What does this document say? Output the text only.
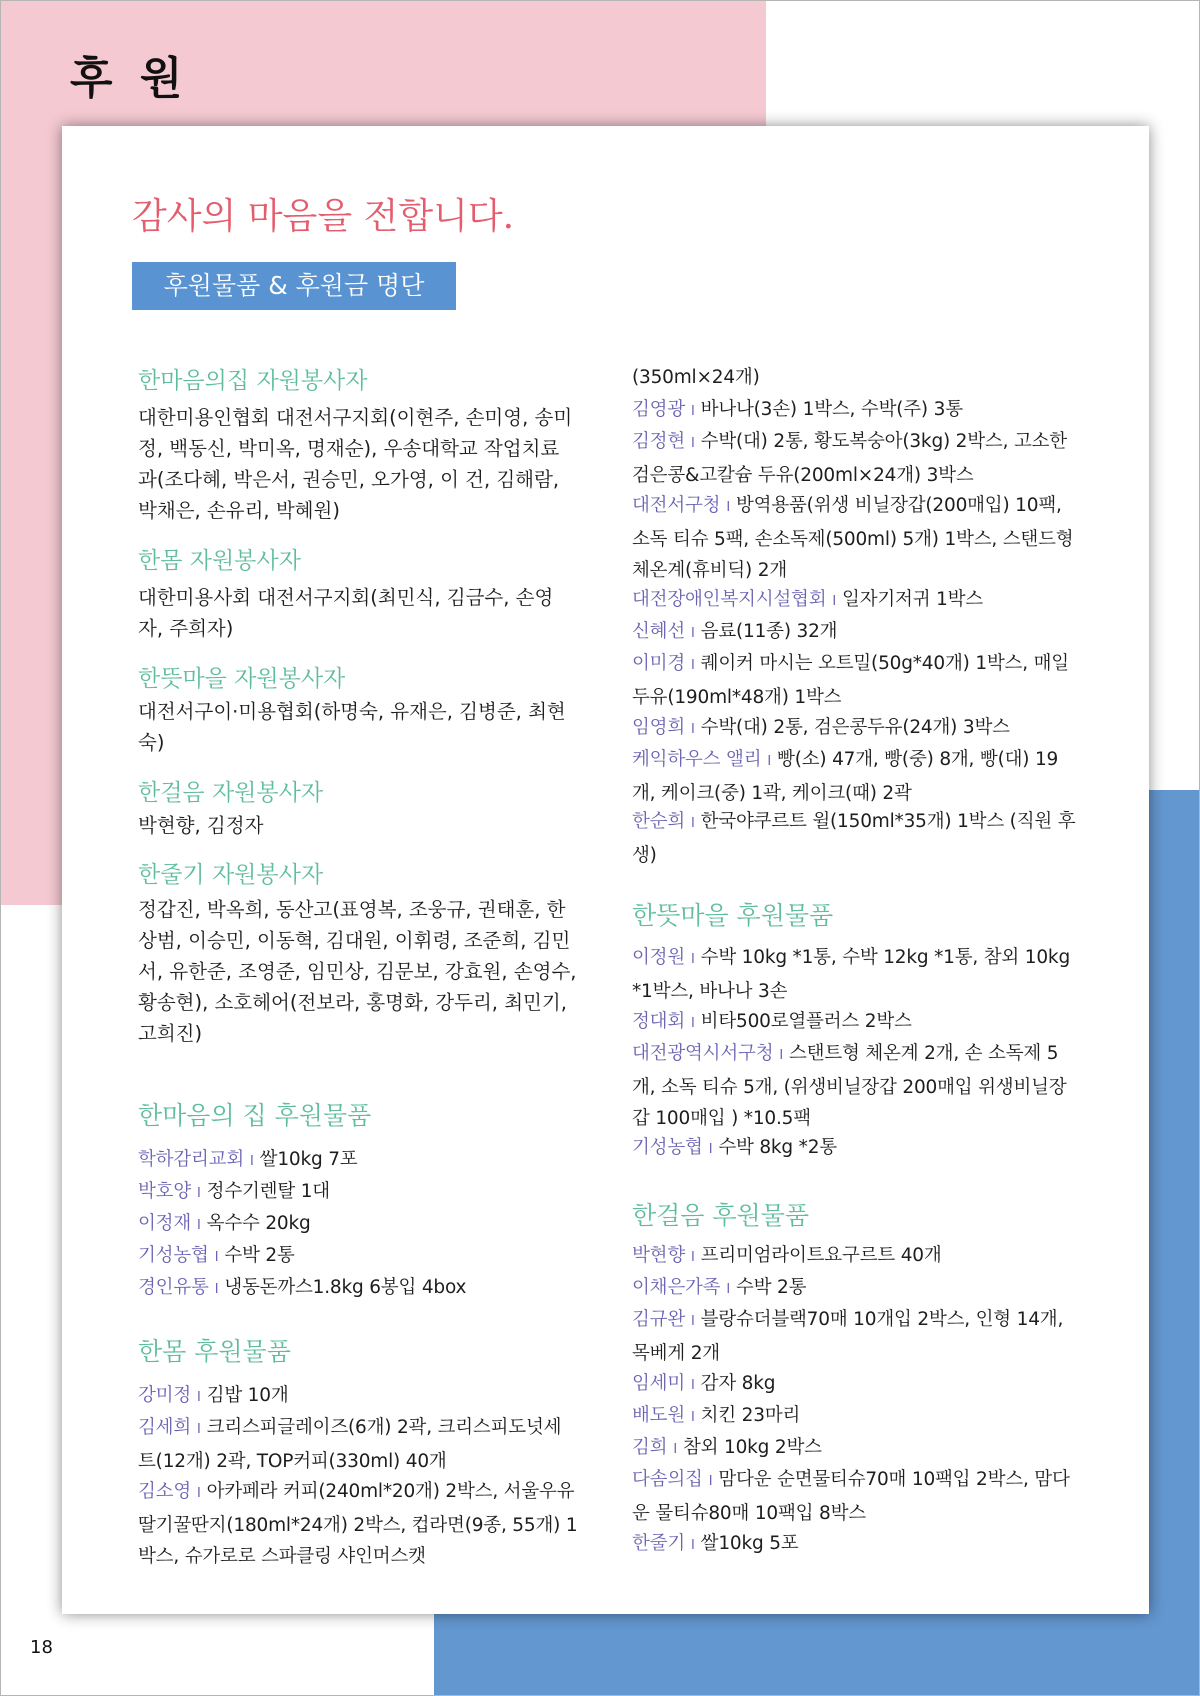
후 원
감사의 마음을 전합니다.
후원물품 & 후원금 명단
한마음의집 자원봉사자

대한미용인협회 대전서구지회(이현주, 손미영, 송미정, 백동신, 박미옥, 명재순), 우송대학교 작업치료과(조다혜, 박은서, 권승민, 오가영, 이 건, 김해람, 박채은, 손유리, 박혜원)

한몸 자원봉사자

대한미용사회 대전서구지회(최민식, 김금수, 손영자, 주희자)

한뜻마을 자원봉사자

대전서구이·미용협회(하명숙, 유재은, 김병준, 최현숙)

한걸음 자원봉사자

박현향, 김정자

한줄기 자원봉사자

정갑진, 박옥희, 동산고(표영복, 조웅규, 권태훈, 한상범, 이승민, 이동혁, 김대원, 이휘령, 조준희, 김민서, 유한준, 조영준, 임민상, 김문보, 강효원, 손영수, 황송현), 소호헤어(전보라, 홍명화, 강두리, 최민기, 고희진)

한마음의 집 후원물품

학하감리교회 I 쌀10kg 7포

박호양 I 정수기렌탈 1대

이정재 I 옥수수 20kg

기성농협 I 수박 2통

경인유통 I 냉동돈까스1.8kg 6봉입 4box

한몸 후원물품

강미정 I 김밥 10개

김세희 I 크리스피글레이즈(6개) 2곽, 크리스피도넛세트(12개) 2곽, TOP커피(330ml) 40개

김소영 I 아카페라 커피(240ml*20개) 2박스, 서울우유 딸기꿀딴지(180ml*24개) 2박스, 컵라면(9종, 55개) 1박스, 슈가로로 스파클링 샤인머스캣

(350ml×24개)

김영광 I 바나나(3손) 1박스, 수박(주) 3통

김정현 I 수박(대) 2통, 황도복숭아(3kg) 2박스, 고소한 검은콩&고칼슘 두유(200ml×24개) 3박스

대전서구청 I 방역용품(위생 비닐장갑(200매입) 10팩, 소독 티슈 5팩, 손소독제(500ml) 5개) 1박스, 스탠드형 체온계(휴비딕) 2개

대전장애인복지시설협회 I 일자기저귀 1박스

신혜선 I 음료(11종) 32개

이미경 I 퀘이커 마시는 오트밀(50g*40개) 1박스, 매일 두유(190ml*48개) 1박스

임영희 I 수박(대) 2통, 검은콩두유(24개) 3박스

케익하우스 앨리 I 빵(소) 47개, 빵(중) 8개, 빵(대) 19개, 케이크(중) 1곽, 케이크(때) 2곽

한순희 I 한국야쿠르트 윌(150ml*35개) 1박스 (직원 후생)

한뜻마을 후원물품

이정원 I 수박 10kg *1통, 수박 12kg *1통, 참외 10kg *1박스, 바나나 3손

정대회 I 비타500로열플러스 2박스

대전광역시서구청 I 스탠트형 체온계 2개, 손 소독제 5개, 소독 티슈 5개, (위생비닐장갑 200매입 위생비닐장갑 100매입 ) *10.5팩

기성농협 I 수박 8kg *2통

한걸음 후원물품

박현향 I 프리미엄라이트요구르트 40개

이채은가족 I 수박 2통

김규완 I 블랑슈더블랙70매 10개입 2박스, 인형 14개, 목베게 2개

임세미 I 감자 8kg

배도원 I 치킨 23마리

김희 I 참외 10kg 2박스

다솜의집 I 맘다운 순면물티슈70매 10팩입 2박스, 맘다운 물티슈80매 10팩입 8박스

한줄기 I 쌀10kg 5포

18
